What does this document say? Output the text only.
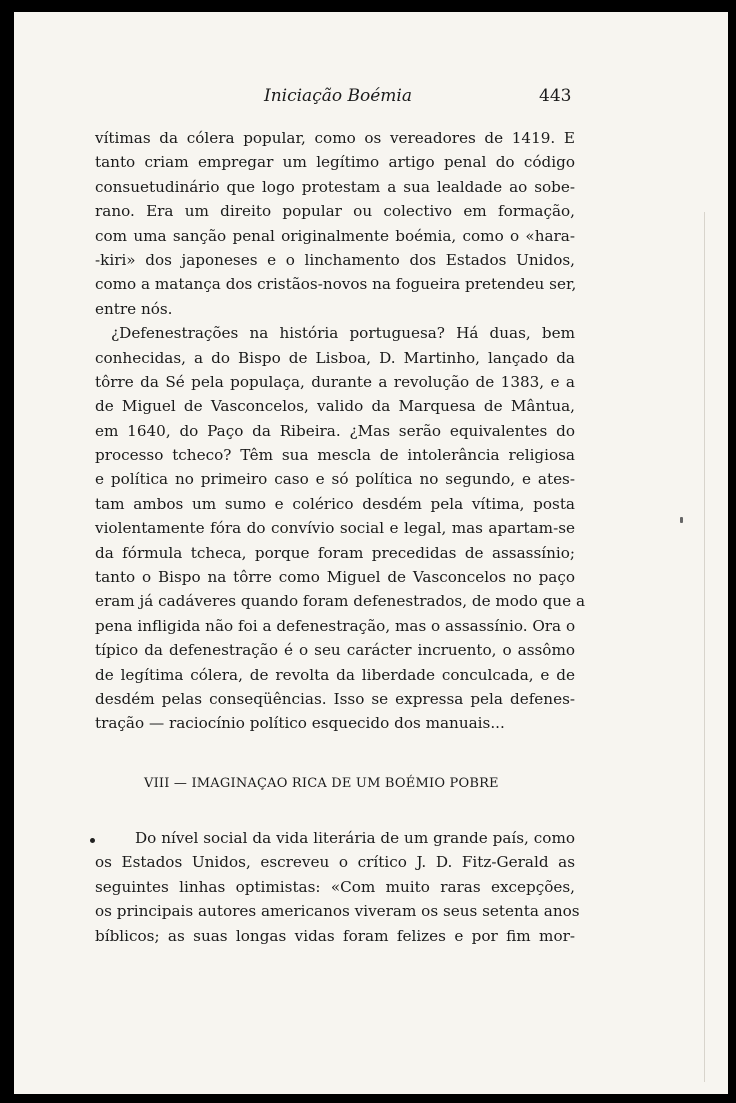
Iniciação Boémia	443
vítimas da cólera popular, como os vereadores de 1419. E
tanto criam empregar um legítimo artigo penal do código
consuetudinário que logo protestam a sua lealdade ao sobe-
rano. Era um direito popular ou colectivo em formação,
com uma sanção penal originalmente boémia, como o «hara-
-kiri» dos japoneses e o linchamento dos Estados Unidos,
como a matança dos cristãos-novos na fogueira pretendeu ser,
entre nós.
¿Defenestrações na história portuguesa? Há duas, bem
conhecidas, a do Bispo de Lisboa, D. Martinho, lançado da
tôrre da Sé pela populaça, durante a revolução de 1383, e a
de Miguel de Vasconcelos, valido da Marquesa de Mântua,
em 1640, do Paço da Ribeira. ¿Mas serão equivalentes do
processo tcheco? Têm sua mescla de intolerância religiosa
e política no primeiro caso e só política no segundo, e ates-
tam ambos um sumo e colérico desdém pela vítima, posta
violentamente fóra do convívio social e legal, mas apartam-se
da fórmula tcheca, porque foram precedidas de assassínio;
tanto o Bispo na tôrre como Miguel de Vasconcelos no paço
eram já cadáveres quando foram defenestrados, de modo que a
pena infligida não foi a defenestração, mas o assassínio. Ora o
típico da defenestração é o seu carácter incruento, o assômo
de legítima cólera, de revolta da liberdade conculcada, e de
desdém pelas conseqüências. Isso se expressa pela defenes-
tração — raciocínio político esquecido dos manuais...
VIII — IMAGINAÇAO RICA DE UM BOÉMIO POBRE
Do nível social da vida literária de um grande país, como
os Estados Unidos, escreveu o crítico J. D. Fitz-Gerald as
seguintes linhas optimistas: «Com muito raras excepções,
os principais autores americanos viveram os seus setenta anos
bíblicos; as suas longas vidas foram felizes e por fim mor-
